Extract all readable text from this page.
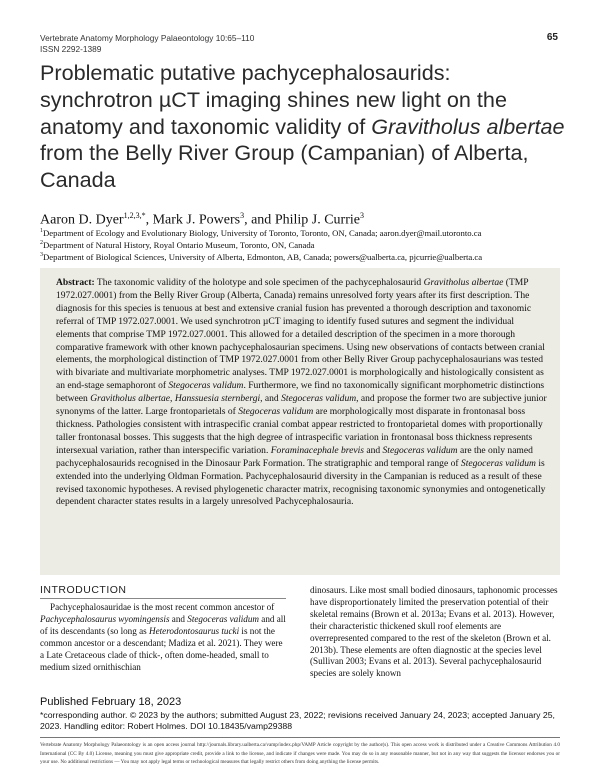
Vertebrate Anatomy Morphology Palaeontology 10:65–110
ISSN 2292-1389
65
Problematic putative pachycephalosaurids: synchrotron µCT imaging shines new light on the anatomy and taxonomic validity of Gravitholus albertae from the Belly River Group (Campanian) of Alberta, Canada
Aaron D. Dyer$^{1,2,3,*}$, Mark J. Powers$^3$, and Philip J. Currie$^3$
$^1$Department of Ecology and Evolutionary Biology, University of Toronto, Toronto, ON, Canada; aaron.dyer@mail.utoronto.ca
$^2$Department of Natural History, Royal Ontario Museum, Toronto, ON, Canada
$^3$Department of Biological Sciences, University of Alberta, Edmonton, AB, Canada; powers@ualberta.ca, pjcurrie@ualberta.ca
Abstract: The taxonomic validity of the holotype and sole specimen of the pachycephalosaurid Gravitholus albertae (TMP 1972.027.0001) from the Belly River Group (Alberta, Canada) remains unresolved forty years after its first description. The diagnosis for this species is tenuous at best and extensive cranial fusion has prevented a thorough description and taxonomic referral of TMP 1972.027.0001. We used synchrotron µCT imaging to identify fused sutures and segment the individual elements that comprise TMP 1972.027.0001. This allowed for a detailed description of the specimen in a more thorough comparative framework with other known pachycephalosaurian specimens. Using new observations of contacts between cranial elements, the morphological distinction of TMP 1972.027.0001 from other Belly River Group pachycephalosaurians was tested with bivariate and multivariate morphometric analyses. TMP 1972.027.0001 is morphologically and histologically consistent as an end-stage semaphoront of Stegoceras validum. Furthermore, we find no taxonomically significant morphometric distinctions between Gravitholus albertae, Hanssuesia sternbergi, and Stegoceras validum, and propose the former two are subjective junior synonyms of the latter. Large frontoparietals of Stegoceras validum are morphologically most disparate in frontonasal boss thickness. Pathologies consistent with intraspecific cranial combat appear restricted to frontoparietal domes with proportionally taller frontonasal bosses. This suggests that the high degree of intraspecific variation in frontonasal boss thickness represents intersexual variation, rather than interspecific variation. Foraminacephale brevis and Stegoceras validum are the only named pachycephalosaurids recognised in the Dinosaur Park Formation. The stratigraphic and temporal range of Stegoceras validum is extended into the underlying Oldman Formation. Pachycephalosaurid diversity in the Campanian is reduced as a result of these revised taxonomic hypotheses. A revised phylogenetic character matrix, recognising taxonomic synonymies and ontogenetically dependent character states results in a largely unresolved Pachycephalosauria.
INTRODUCTION
Pachycephalosauridae is the most recent common ancestor of Pachycephalosaurus wyomingensis and Stegoceras validum and all of its descendants (so long as Heterodontosaurus tucki is not the common ancestor or a descendant; Madiza et al. 2021). They were a Late Cretaceous clade of thick-, often dome-headed, small to medium sized ornithischian
dinosaurs. Like most small bodied dinosaurs, taphonomic processes have disproportionately limited the preservation potential of their skeletal remains (Brown et al. 2013a; Evans et al. 2013). However, their characteristic thickened skull roof elements are overrepresented compared to the rest of the skeleton (Brown et al. 2013b). These elements are often diagnostic at the species level (Sullivan 2003; Evans et al. 2013). Several pachycephalosaurid species are solely known
Published February 18, 2023
*corresponding author. © 2023 by the authors; submitted August 23, 2022; revisions received January 24, 2023; accepted January 25, 2023. Handling editor: Robert Holmes. DOI 10.18435/vamp29388
Vertebrate Anatomy Morphology Palaeontology is an open access journal http://journals.library.ualberta.ca/vamp/index.php/VAMP Article copyright by the author(s). This open access work is distributed under a Creative Commons Attribution 4.0 International (CC By 4.0) License, meaning you must give appropriate credit, provide a link to the license, and indicate if changes were made. You may do so in any reasonable manner, but not in any way that suggests the licensor endorses you or your use. No additional restrictions — You may not apply legal terms or technological measures that legally restrict others from doing anything the license permits.
